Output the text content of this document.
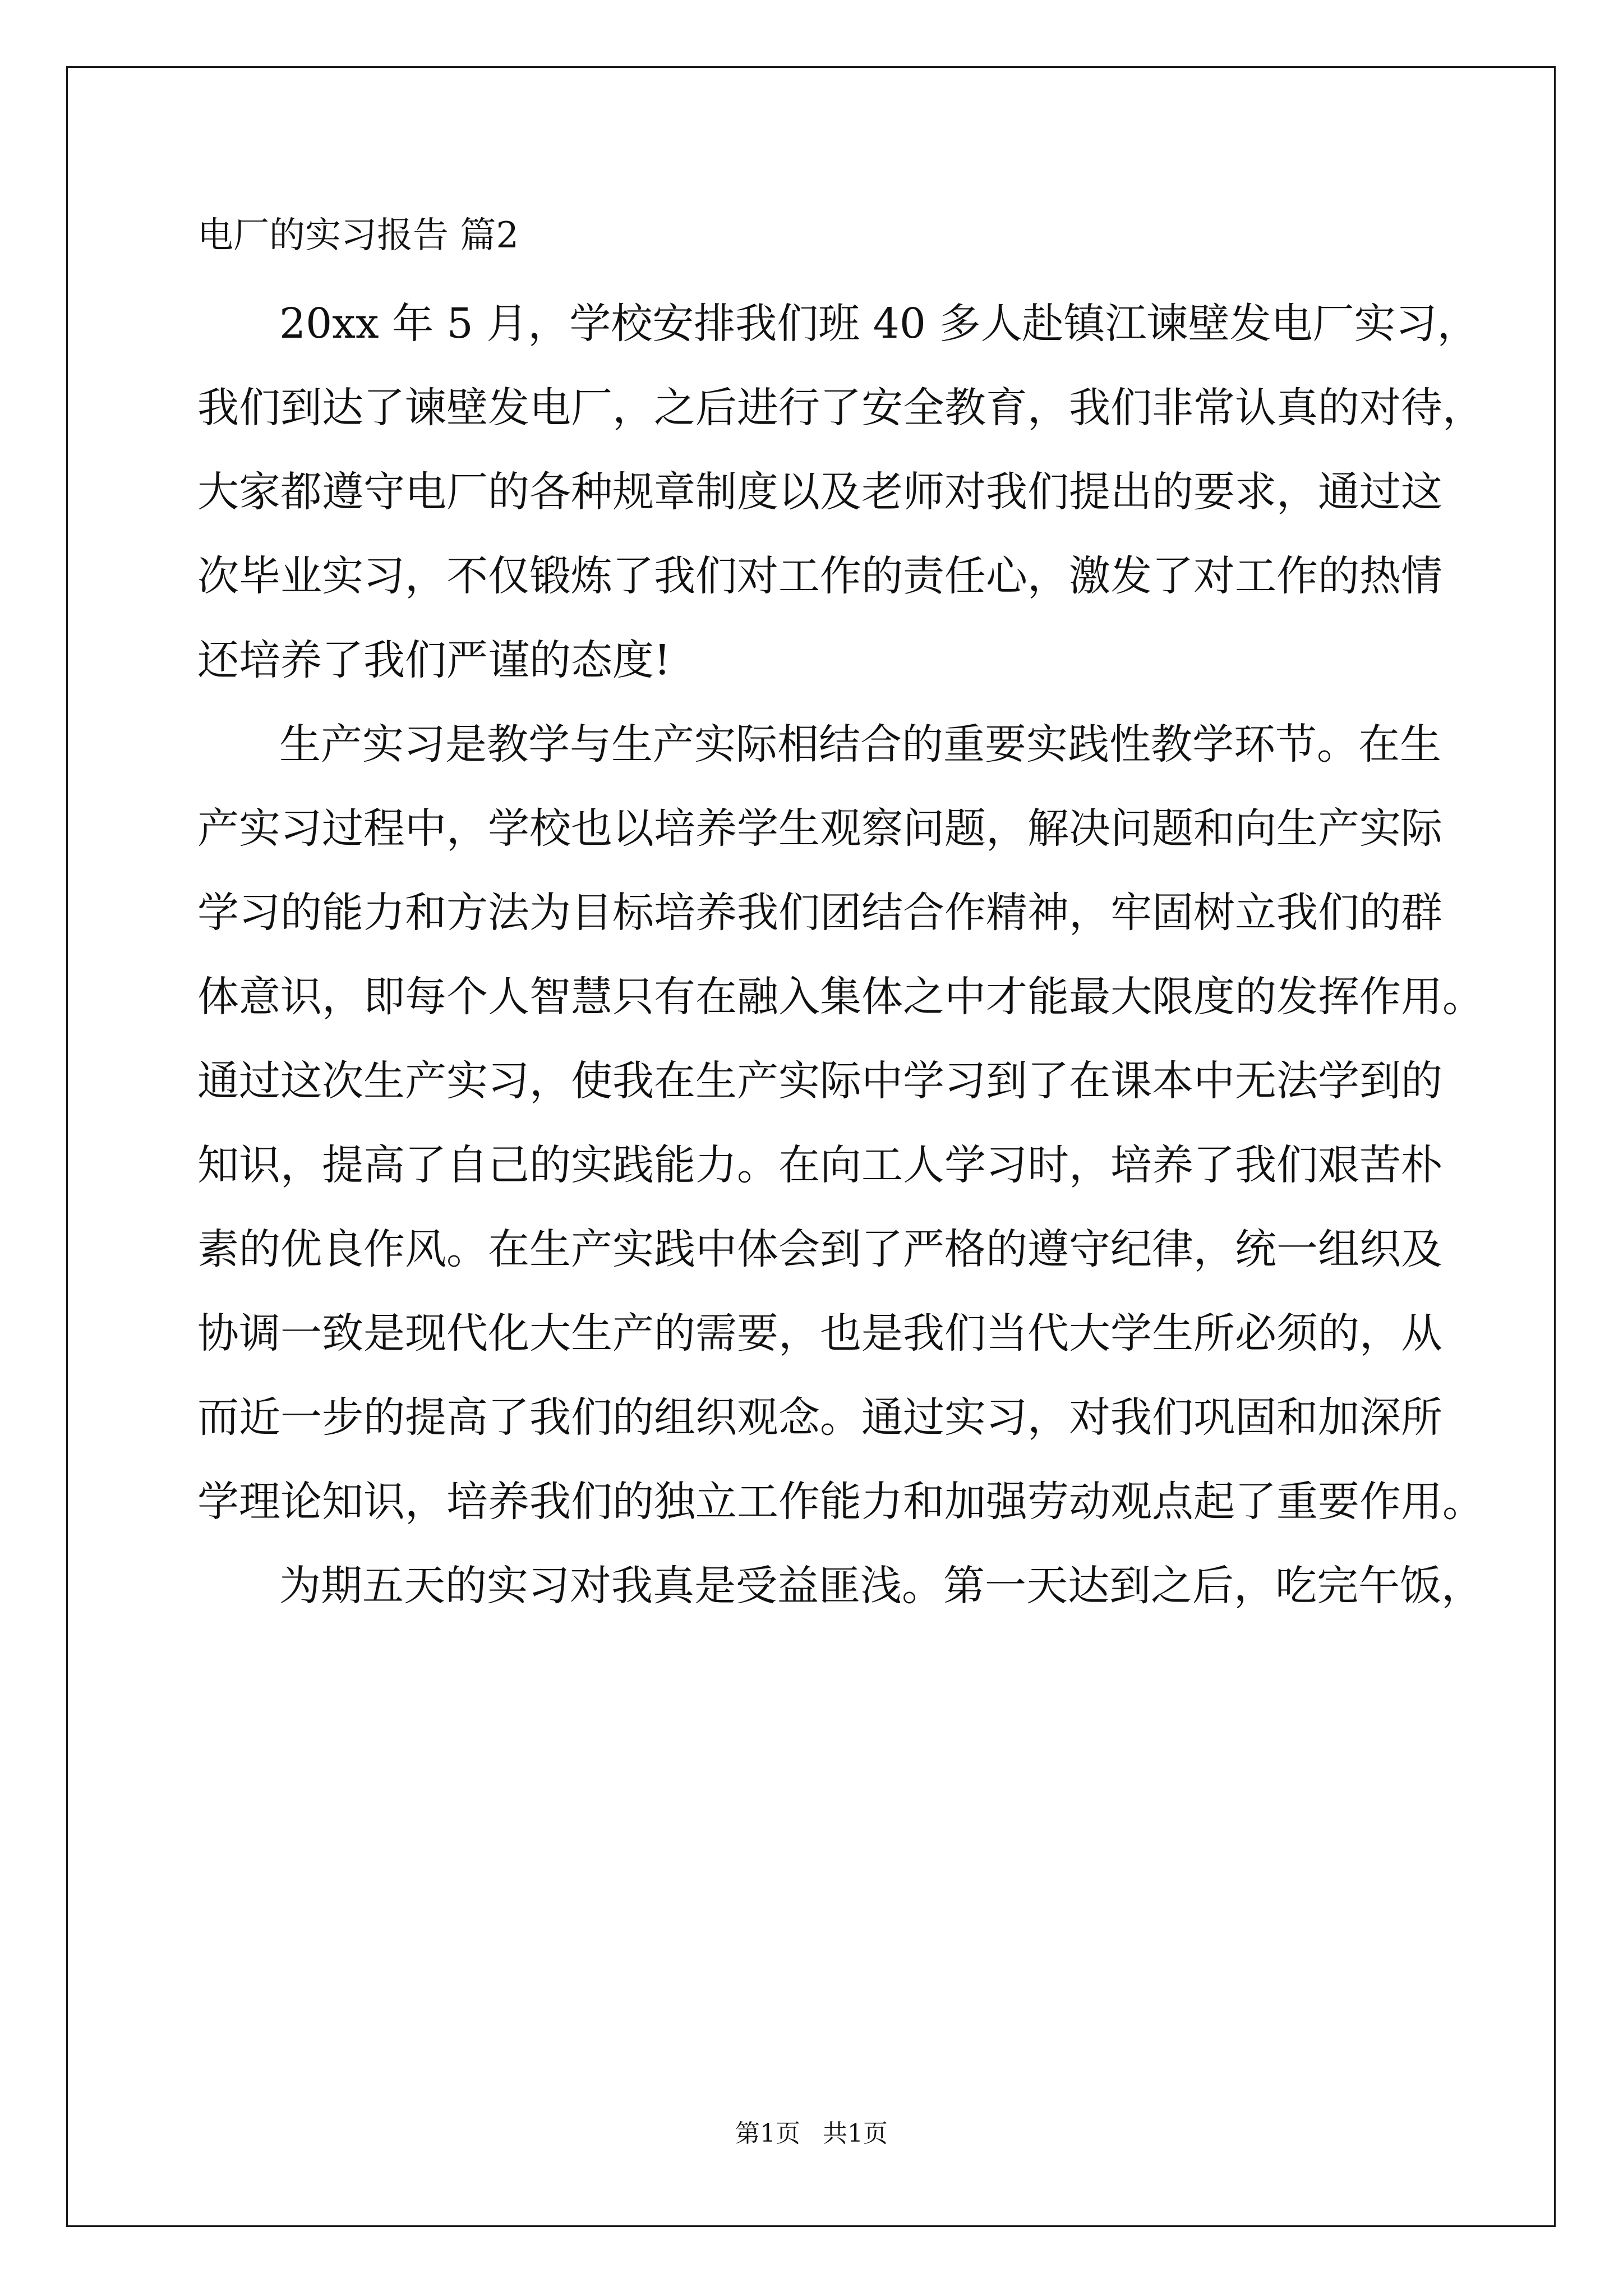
电厂的实习报告 篇2
20xx 年 5 月，学校安排我们班 40 多人赴镇江谏壁发电厂实习，
我们到达了谏壁发电厂，之后进行了安全教育，我们非常认真的对待，
大家都遵守电厂的各种规章制度以及老师对我们提出的要求，通过这
次毕业实习，不仅锻炼了我们对工作的责任心，激发了对工作的热情
还培养了我们严谨的态度!
生产实习是教学与生产实际相结合的重要实践性教学环节。在生
产实习过程中，学校也以培养学生观察问题，解决问题和向生产实际
学习的能力和方法为目标培养我们团结合作精神，牢固树立我们的群
体意识，即每个人智慧只有在融入集体之中才能最大限度的发挥作用。
通过这次生产实习，使我在生产实际中学习到了在课本中无法学到的
知识，提高了自己的实践能力。在向工人学习时，培养了我们艰苦朴
素的优良作风。在生产实践中体会到了严格的遵守纪律，统一组织及
协调一致是现代化大生产的需要，也是我们当代大学生所必须的，从
而近一步的提高了我们的组织观念。通过实习，对我们巩固和加深所
学理论知识，培养我们的独立工作能力和加强劳动观点起了重要作用。
为期五天的实习对我真是受益匪浅。第一天达到之后，吃完午饭，
第1页 共1页
